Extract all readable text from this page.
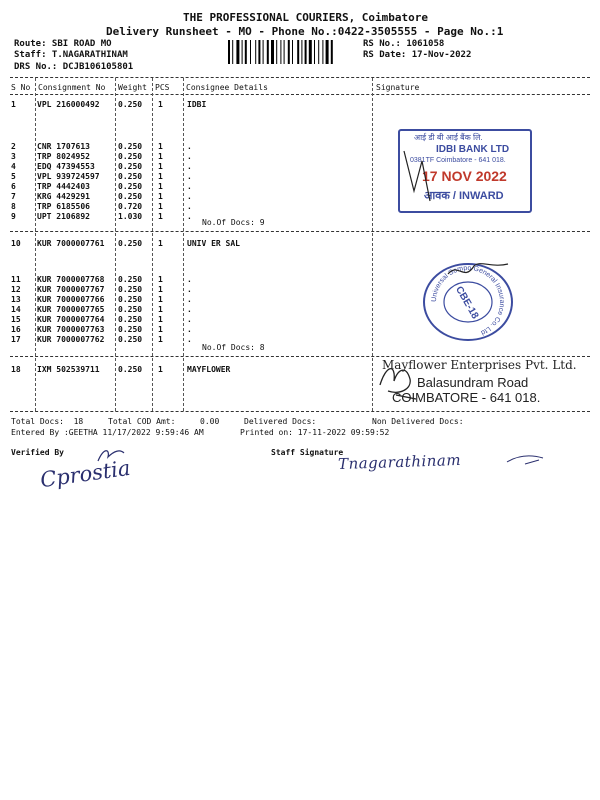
THE PROFESSIONAL COURIERS, Coimbatore
Delivery Runsheet - MO - Phone No.:0422-3505555 - Page No.:1
Route: SBI ROAD MO
Staff: T.NAGARATHINAM
DRS No.: DCJB106105801
RS No.: 1061058
RS Date: 17-Nov-2022
S No Consignment No Weight PCS Consignee Details	Signature
1	VPL 216000492 0.250 1	IDBI
2	CNR 1707613	0.250 1	.
3	TRP 8024952	0.250 1	.
4	EDQ 47394553	0.250 1	.
5	VPL 939724597 0.250 1	.
6	TRP 4442403	0.250 1	.
7	KRG 4429291	0.250 1	.
8	TRP 6185506	0.720 1	.
9	UPT 2106892	1.030 1	.
10 KUR 7000007761 0.250 1	UNIV ER SAL
11 KUR 7000007768 0.250 1	.
12 KUR 7000007767 0.250 1	.
13 KUR 7000007766 0.250 1	.
14 KUR 7000007765 0.250 1	.
15 KUR 7000007764 0.250 1	.
16 KUR 7000007763 0.250 1	.
17 KUR 7000007762 0.250 1	.
18 IXM 502539711 0.250 1	MAYFLOWER
No.Of Docs: 9
No.Of Docs: 8
Total Docs:  18	Total COD Amt:	0.00	Delivered Docs:	Non Delivered Docs:
Entered By :GEETHA 11/17/2022 9:59:46 AM	Printed on: 17-11-2022 09:59:52
Verified By	Staff Signature
Cprostia	Tnagarathinam
आई डी बी आई बैंक लि.
IDBI BANK LTD
0381TF Coimbatore - 641 018.
17 NOV 2022
आवक / INWARD
Universal Sompo General Insurance Co. Ltd
CBE-18
Mayflower Enterprises Pvt. Ltd.
Balasundram Road
COIMBATORE - 641 018.
